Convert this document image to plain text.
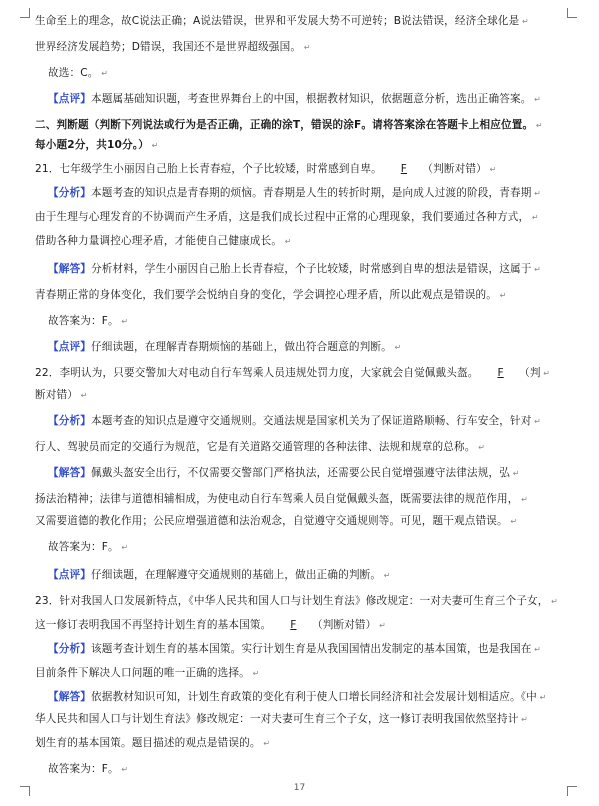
生命至上的理念，故C说法正确；A说法错误，世界和平发展大势不可逆转；B说法错误，经济全球化是 ↵
世界经济发展趋势；D错误，我国还不是世界超级强国。 ↵
故选：C。 ↵
【点评】本题属基础知识题，考查世界舞台上的中国，根据教材知识，依据题意分析，选出正确答案。 ↵
二、判断题（判断下列说法或行为是否正确，正确的涂T，错误的涂F。请将答案涂在答题卡上相应位置。 ↵
每小题2分，共10分。） ↵
21．七年级学生小丽因自己胎上长青春痘，个子比较矮，时常感到自卑。 F （判断对错） ↵
【分析】本题考查的知识点是青春期的烦恼。青春期是人生的转折时期，是向成人过渡的阶段，青春期 ↵
由于生理与心理发育的不协调而产生矛盾，这是我们成长过程中正常的心理现象，我们要通过各种方式， ↵
借助各种力量调控心理矛盾，才能使自己健康成长。 ↵
【解答】分析材料，学生小丽因自己胎上长青春痘，个子比较矮，时常感到自卑的想法是错误，这属于 ↵
青春期正常的身体变化，我们要学会悦纳自身的变化，学会调控心理矛盾，所以此观点是错误的。 ↵
故答案为：F。 ↵
【点评】仔细读题，在理解青春期烦恼的基础上，做出符合题意的判断。 ↵
22．李明认为，只要交警加大对电动自行车驾乘人员违规处罚力度，大家就会自觉佩戴头盔。 F （判 ↵
断对错） ↵
【分析】本题考查的知识点是遵守交通规则。交通法规是国家机关为了保证道路顺畅、行车安全，针对 ↵
行人、驾驶员而定的交通行为规范，它是有关道路交通管理的各种法律、法规和规章的总称。 ↵
【解答】佩戴头盔安全出行，不仅需要交警部门严格执法，还需要公民自觉增强遵守法律法规，弘 ↵
扬法治精神；法律与道德相辅相成，为使电动自行车驾乘人员自觉佩戴头盔，既需要法律的规范作用， ↵
又需要道德的教化作用；公民应增强道德和法治观念，自觉遵守交通规则等。可见，题干观点错误。 ↵
故答案为：F。 ↵
【点评】仔细读题，在理解遵守交通规则的基础上，做出正确的判断。 ↵
23．针对我国人口发展新特点，《中华人民共和国人口与计划生育法》修改规定：一对夫妻可生育三个子女， ↵
这一修订表明我国不再坚持计划生育的基本国策。 F （判断对错） ↵
【分析】该题考查计划生育的基本国策。实行计划生育是从我国国情出发制定的基本国策，也是我国在 ↵
目前条件下解决人口问题的唯一正确的选择。 ↵
【解答】依据教材知识可知，计划生育政策的变化有利于使人口增长同经济和社会发展计划相适应。《中 ↵
华人民共和国人口与计划生育法》修改规定：一对夫妻可生育三个子女，这一修订表明我国依然坚持计 ↵
划生育的基本国策。题目描述的观点是错误的。 ↵
故答案为：F。 ↵
17
